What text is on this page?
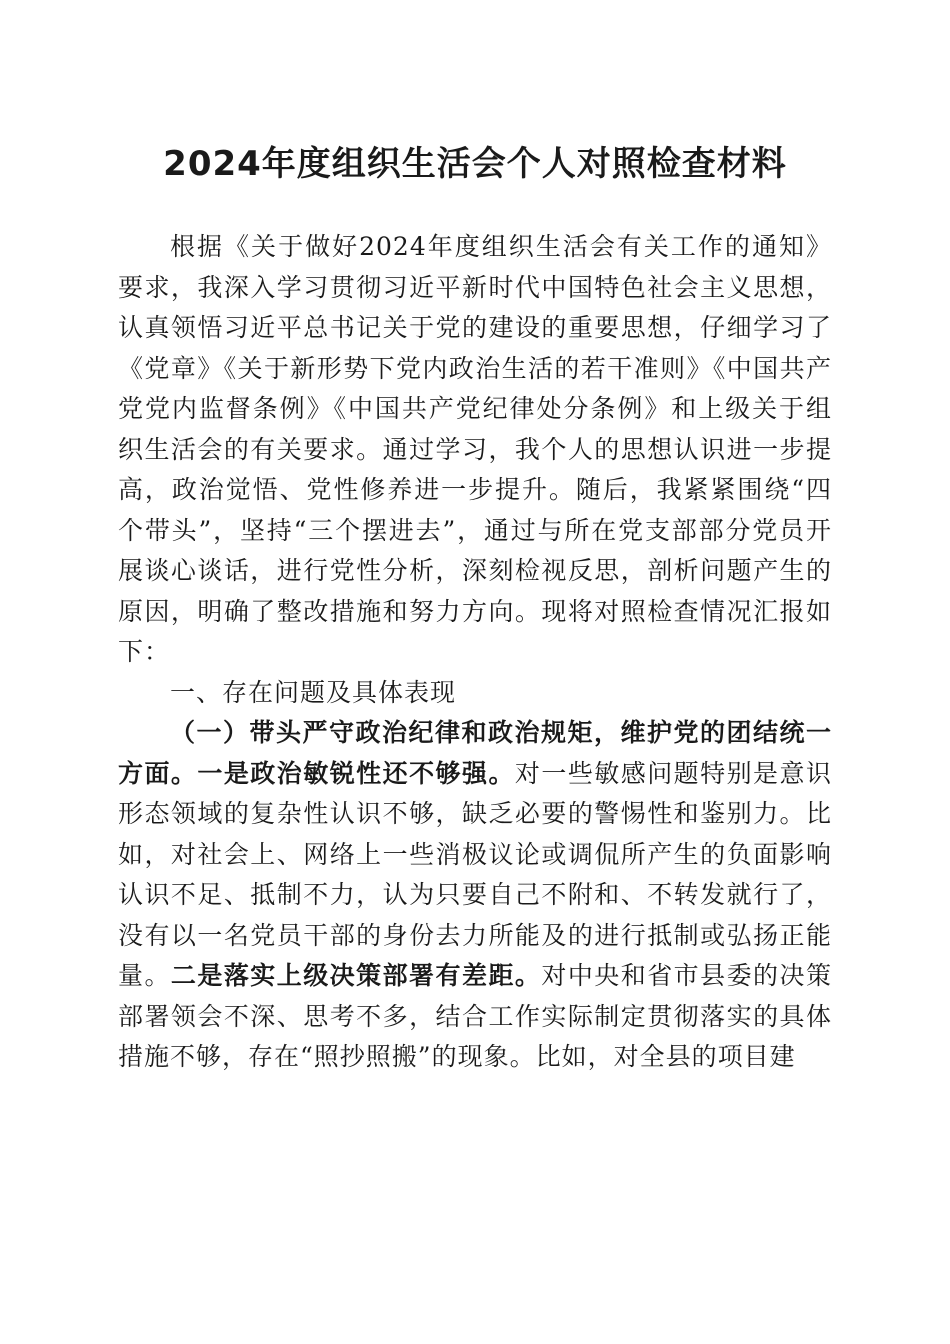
2024年度组织生活会个人对照检查材料

根据《关于做好2024年度组织生活会有关工作的通知》要求，我深入学习贯彻习近平新时代中国特色社会主义思想，认真领悟习近平总书记关于党的建设的重要思想，仔细学习了《党章》《关于新形势下党内政治生活的若干准则》《中国共产党党内监督条例》《中国共产党纪律处分条例》和上级关于组织生活会的有关要求。通过学习，我个人的思想认识进一步提高，政治觉悟、党性修养进一步提升。随后，我紧紧围绕“四个带头”，坚持“三个摆进去”，通过与所在党支部部分党员开展谈心谈话，进行党性分析，深刻检视反思，剖析问题产生的原因，明确了整改措施和努力方向。现将对照检查情况汇报如下：

一、存在问题及具体表现

（一）带头严守政治纪律和政治规矩，维护党的团结统一方面。一是政治敏锐性还不够强。对一些敏感问题特别是意识形态领域的复杂性认识不够，缺乏必要的警惕性和鉴别力。比如，对社会上、网络上一些消极议论或调侃所产生的负面影响认识不足、抵制不力，认为只要自己不附和、不转发就行了，没有以一名党员干部的身份去力所能及的进行抵制或弘扬正能量。二是落实上级决策部署有差距。对中央和省市县委的决策部署领会不深、思考不多，结合工作实际制定贯彻落实的具体措施不够，存在“照抄照搬”的现象。比如，对全县的项目建
